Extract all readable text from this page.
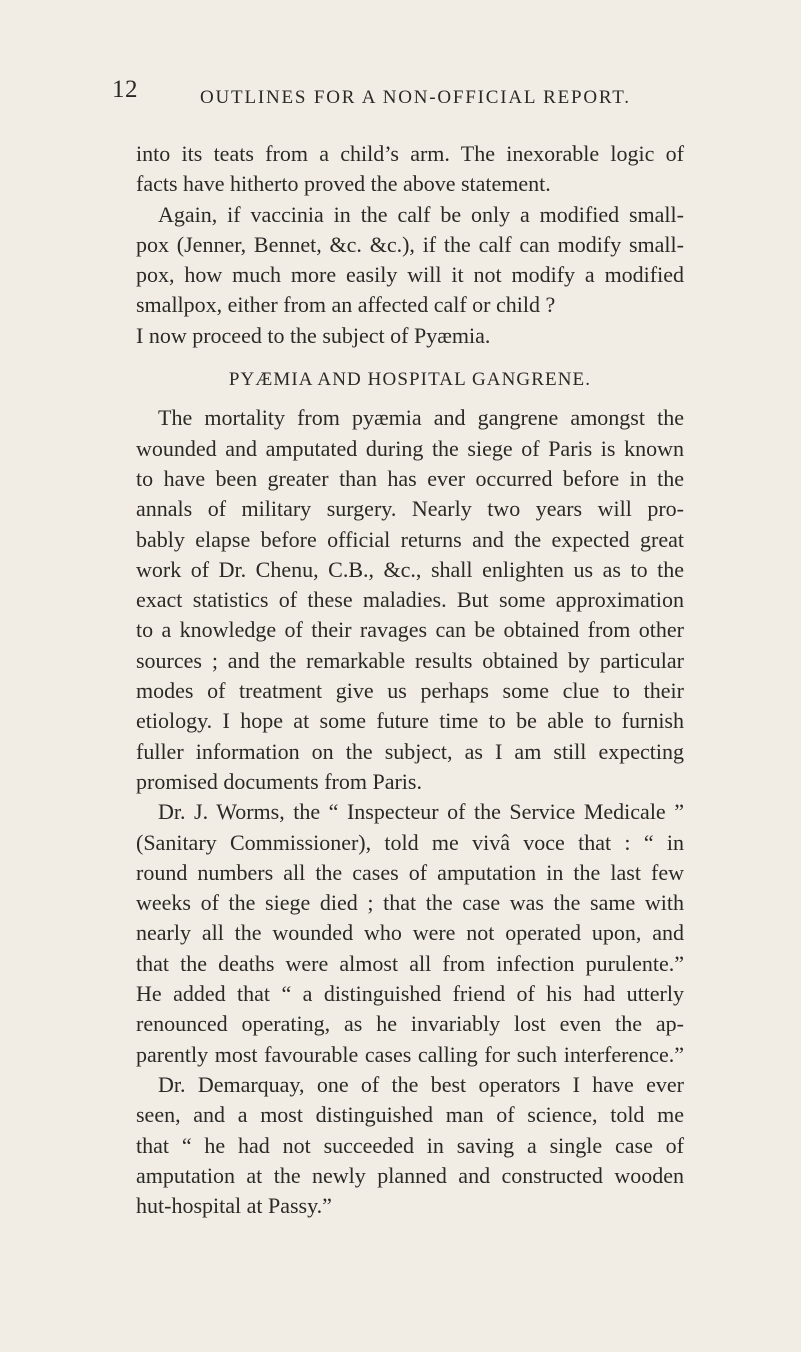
12	OUTLINES FOR A NON-OFFICIAL REPORT.
into its teats from a child’s arm. The inexorable logic of
facts have hitherto proved the above statement.
Again, if vaccinia in the calf be only a modified small-
pox (Jenner, Bennet, &c. &c.), if the calf can modify small-
pox, how much more easily will it not modify a modified
smallpox, either from an affected calf or child ?
I now proceed to the subject of Pyæmia.
PYÆMIA AND HOSPITAL GANGRENE.
The mortality from pyæmia and gangrene amongst the
wounded and amputated during the siege of Paris is known
to have been greater than has ever occurred before in the
annals of military surgery. Nearly two years will pro-
bably elapse before official returns and the expected great
work of Dr. Chenu, C.B., &c., shall enlighten us as to the
exact statistics of these maladies. But some approximation
to a knowledge of their ravages can be obtained from other
sources ; and the remarkable results obtained by particular
modes of treatment give us perhaps some clue to their
etiology. I hope at some future time to be able to furnish
fuller information on the subject, as I am still expecting
promised documents from Paris.
Dr. J. Worms, the “ Inspecteur of the Service Medicale ”
(Sanitary Commissioner), told me vivâ voce that : “ in
round numbers all the cases of amputation in the last few
weeks of the siege died ; that the case was the same with
nearly all the wounded who were not operated upon, and
that the deaths were almost all from infection purulente.”
He added that “ a distinguished friend of his had utterly
renounced operating, as he invariably lost even the ap-
parently most favourable cases calling for such interference.”
Dr. Demarquay, one of the best operators I have ever
seen, and a most distinguished man of science, told me
that “ he had not succeeded in saving a single case of
amputation at the newly planned and constructed wooden
hut-hospital at Passy.”
